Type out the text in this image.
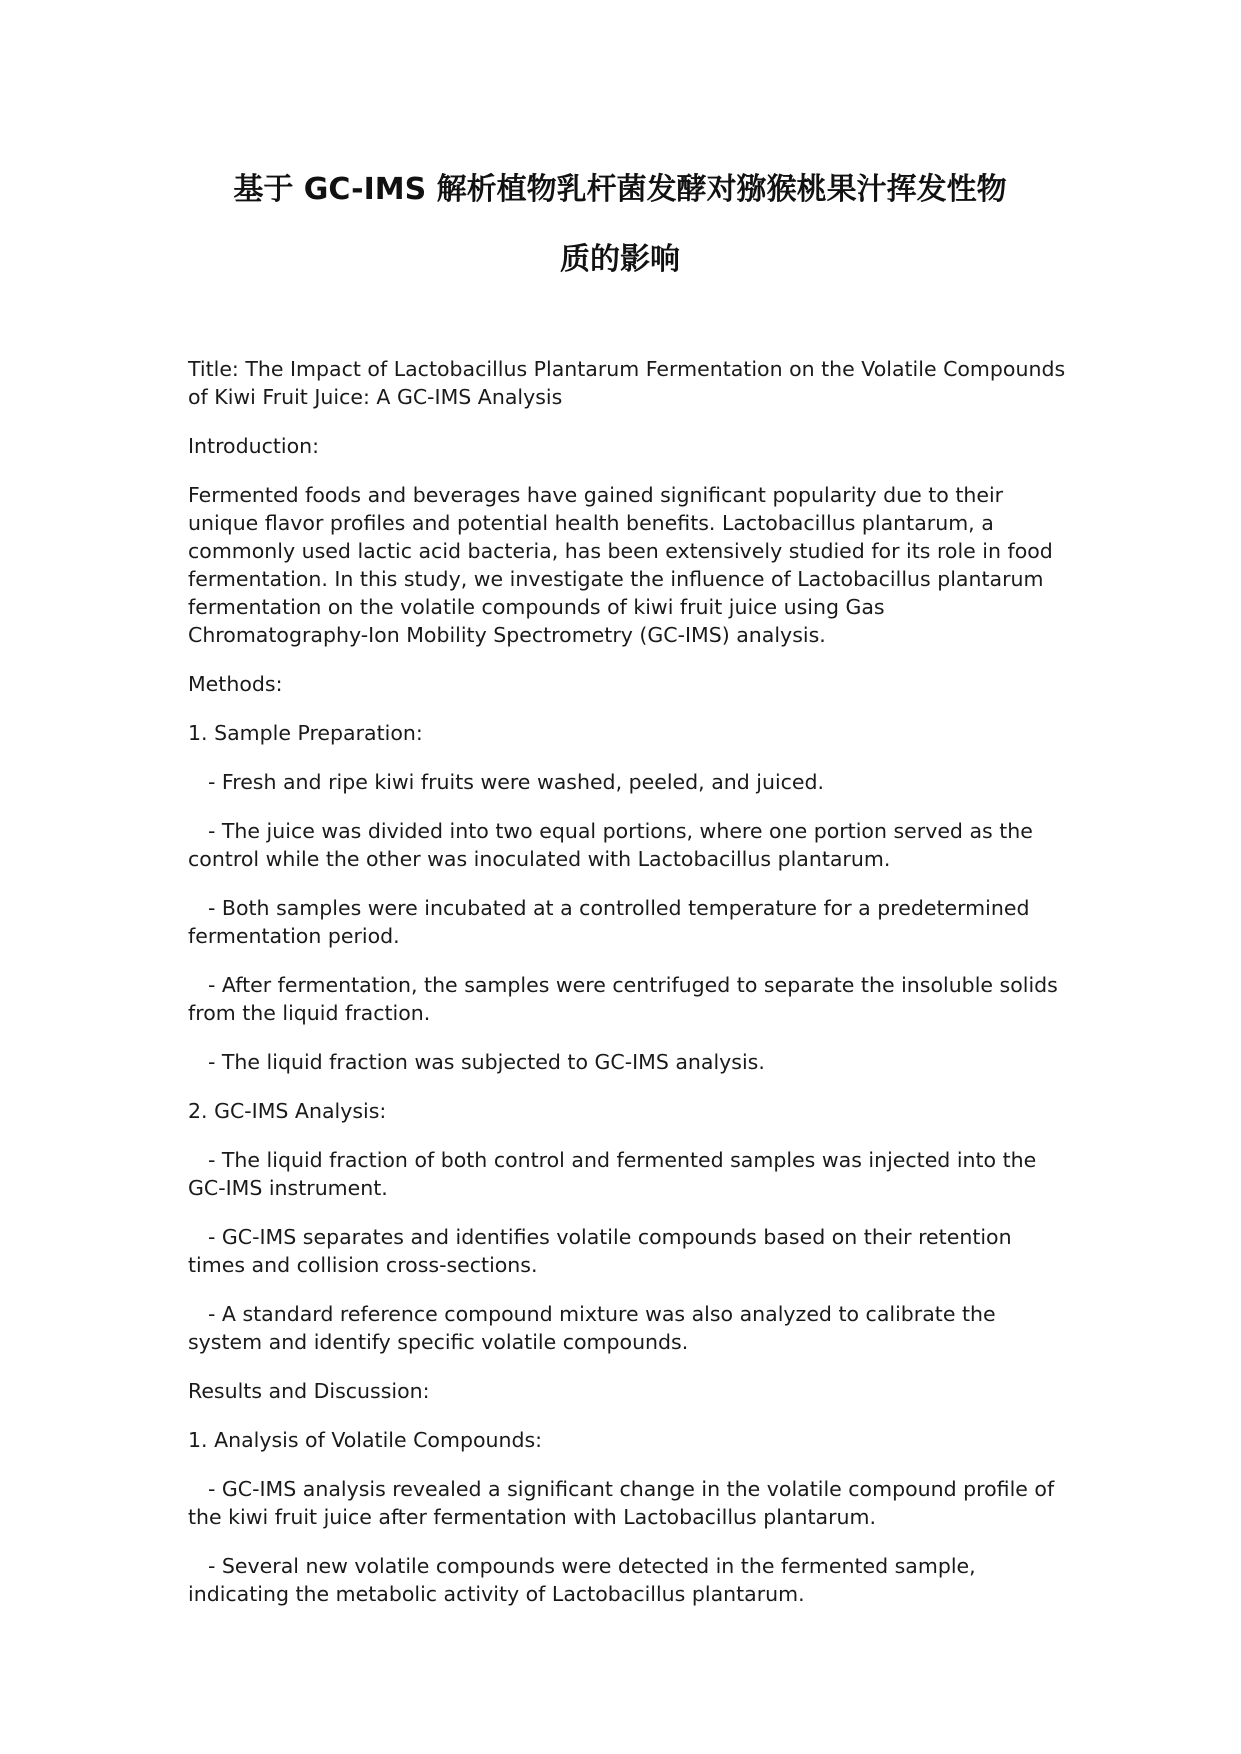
基于 GC-IMS 解析植物乳杆菌发酵对猕猴桃果汁挥发性物
质的影响

Title: The Impact of Lactobacillus Plantarum Fermentation on the Volatile Compounds of Kiwi Fruit Juice: A GC-IMS Analysis

Introduction:

Fermented foods and beverages have gained significant popularity due to their unique flavor profiles and potential health benefits. Lactobacillus plantarum, a commonly used lactic acid bacteria, has been extensively studied for its role in food fermentation. In this study, we investigate the influence of Lactobacillus plantarum fermentation on the volatile compounds of kiwi fruit juice using Gas Chromatography-Ion Mobility Spectrometry (GC-IMS) analysis.

Methods:

1. Sample Preparation:

- Fresh and ripe kiwi fruits were washed, peeled, and juiced.

- The juice was divided into two equal portions, where one portion served as the control while the other was inoculated with Lactobacillus plantarum.

- Both samples were incubated at a controlled temperature for a predetermined fermentation period.

- After fermentation, the samples were centrifuged to separate the insoluble solids from the liquid fraction.

- The liquid fraction was subjected to GC-IMS analysis.

2. GC-IMS Analysis:

- The liquid fraction of both control and fermented samples was injected into the GC-IMS instrument.

- GC-IMS separates and identifies volatile compounds based on their retention times and collision cross-sections.

- A standard reference compound mixture was also analyzed to calibrate the system and identify specific volatile compounds.

Results and Discussion:

1. Analysis of Volatile Compounds:

- GC-IMS analysis revealed a significant change in the volatile compound profile of the kiwi fruit juice after fermentation with Lactobacillus plantarum.

- Several new volatile compounds were detected in the fermented sample, indicating the metabolic activity of Lactobacillus plantarum.
